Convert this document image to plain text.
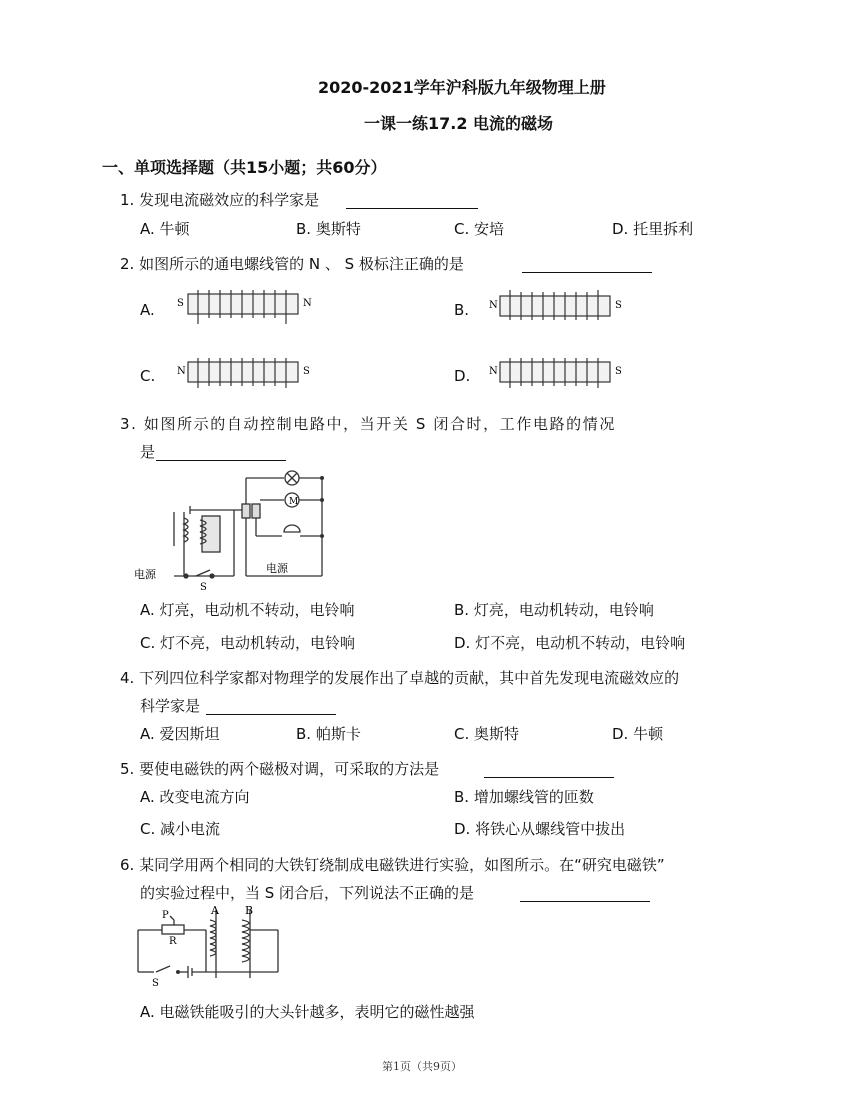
2020-2021学年沪科版九年级物理上册
一课一练17.2 电流的磁场
一、单项选择题（共15小题；共60分）
1. 发现电流磁效应的科学家是
A. 牛顿	B. 奥斯特	C. 安培	D. 托里拆利
2. 如图所示的通电螺线管的 N 、 S 极标注正确的是
A. S	N	B. N	S
C. N	S	D. N	S
3. 如图所示的自动控制电路中，当开关 S 闭合时，工作电路的情况
是
M
电源
S
电源
A. 灯亮，电动机不转动，电铃响	B. 灯亮，电动机转动，电铃响
C. 灯不亮，电动机转动，电铃响	D. 灯不亮，电动机不转动，电铃响
4. 下列四位科学家都对物理学的发展作出了卓越的贡献，其中首先发现电流磁效应的
科学家是
A. 爱因斯坦	B. 帕斯卡	C. 奥斯特	D. 牛顿
5. 要使电磁铁的两个磁极对调，可采取的方法是
A. 改变电流方向	B. 增加螺线管的匝数
C. 减小电流	D. 将铁心从螺线管中拔出
6. 某同学用两个相同的大铁钉绕制成电磁铁进行实验，如图所示。在“研究电磁铁”
的实验过程中，当 S 闭合后，下列说法不正确的是
P
R
A B
S
A. 电磁铁能吸引的大头针越多，表明它的磁性越强
第1页（共9页）
